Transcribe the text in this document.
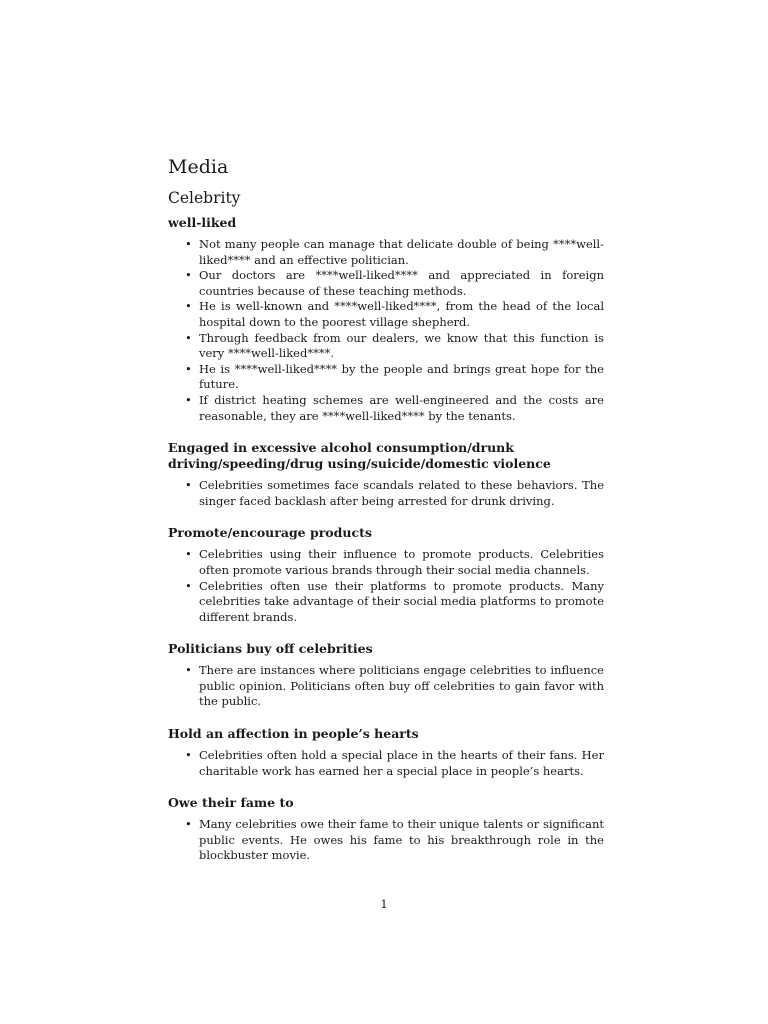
Media
Celebrity
well-liked
• Not many people can manage that delicate double of being ****well-liked**** and an effective politician.
• Our doctors are ****well-liked**** and appreciated in foreign countries because of these teaching methods.
• He is well-known and ****well-liked****, from the head of the local hospital down to the poorest village shepherd.
• Through feedback from our dealers, we know that this function is very ****well-liked****.
• He is ****well-liked**** by the people and brings great hope for the future.
• If district heating schemes are well-engineered and the costs are reasonable, they are ****well-liked**** by the tenants.
Engaged in excessive alcohol consumption/drunk driving/speeding/drug using/suicide/domestic violence
• Celebrities sometimes face scandals related to these behaviors. The singer faced backlash after being arrested for drunk driving.
Promote/encourage products
• Celebrities using their influence to promote products. Celebrities often promote various brands through their social media channels.
• Celebrities often use their platforms to promote products. Many celebrities take advantage of their social media platforms to promote different brands.
Politicians buy off celebrities
• There are instances where politicians engage celebrities to influence public opinion. Politicians often buy off celebrities to gain favor with the public.
Hold an affection in people’s hearts
• Celebrities often hold a special place in the hearts of their fans. Her charitable work has earned her a special place in people’s hearts.
Owe their fame to
• Many celebrities owe their fame to their unique talents or significant public events. He owes his fame to his breakthrough role in the blockbuster movie.
1
